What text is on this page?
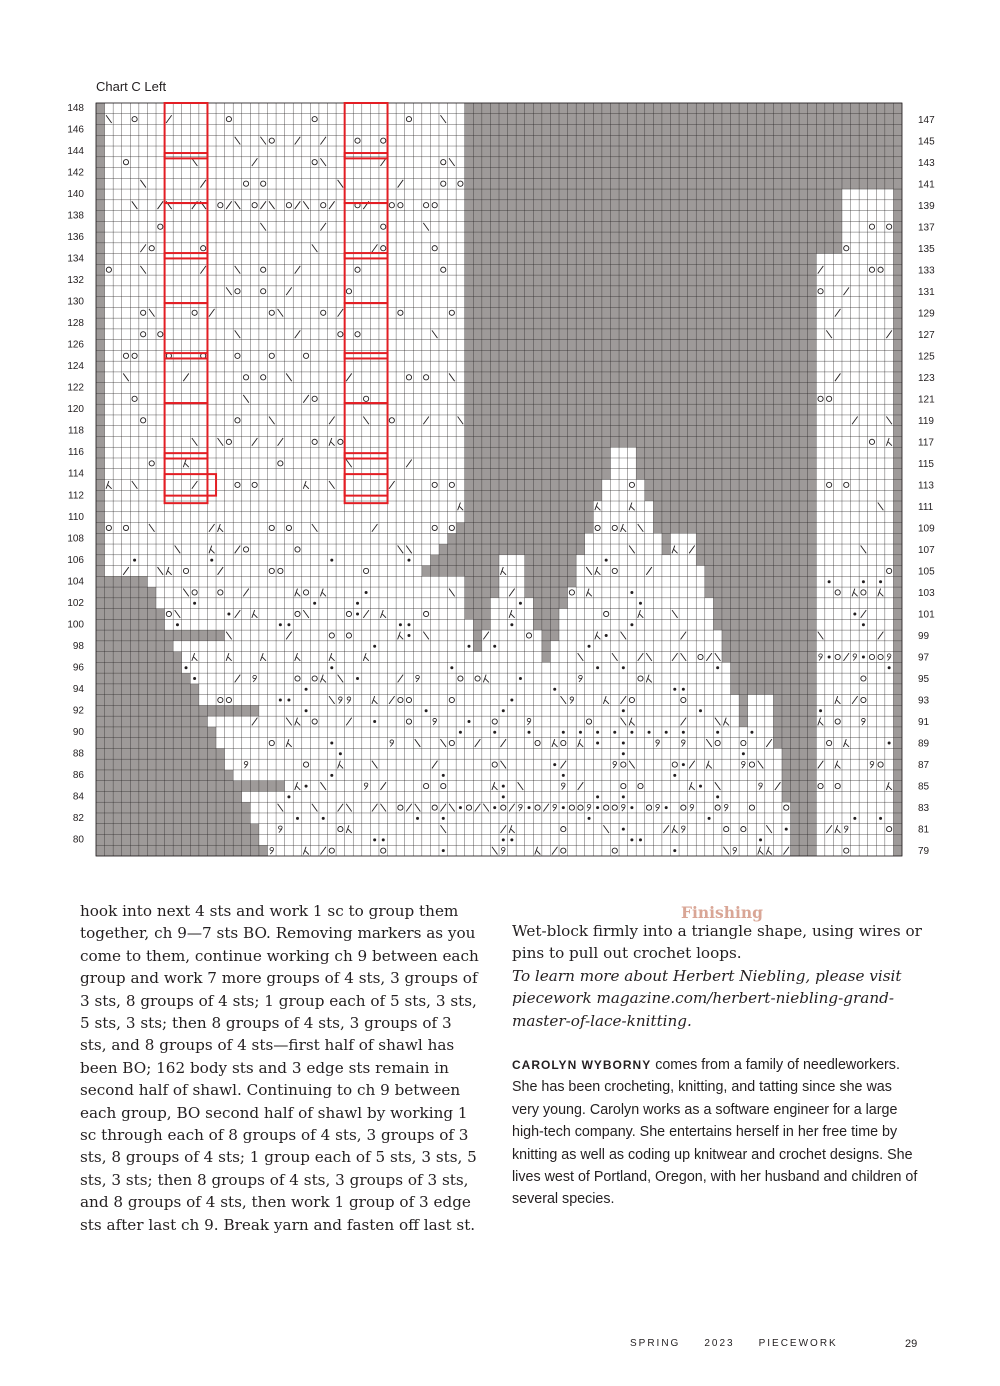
Chart C Left
148
146
144
142
140
138
136
134
132
130
128
126
124
122
120
118
116
114
112
110
108
106
104
102
100
98
96
94
92
90
88
86
84
82
80
147
145
143
141
139
137
135
133
131
129
127
125
123
121
119
117
115
113
111
109
107
105
103
101
99
97
95
93
91
89
87
85
83
81
79

hook into next 4 sts and work 1 sc to group them together, ch 9—7 sts BO. Removing markers as you come to them, continue working ch 9 between each group and work 7 more groups of 4 sts, 3 groups of 3 sts, 8 groups of 4 sts; 1 group each of 5 sts, 3 sts, 5 sts, 3 sts; then 8 groups of 4 sts, 3 groups of 3 sts, and 8 groups of 4 sts—first half of shawl has been BO; 162 body sts and 3 edge sts remain in second half of shawl. Continuing to ch 9 between each group, BO second half of shawl by working 1 sc through each of 8 groups of 4 sts, 3 groups of 3 sts, 8 groups of 4 sts; 1 group each of 5 sts, 3 sts, 5 sts, 3 sts; then 8 groups of 4 sts, 3 groups of 3 sts, and 8 groups of 4 sts, then work 1 group of 3 edge sts after last ch 9. Break yarn and fasten off last st.

Finishing

Wet-block firmly into a triangle shape, using wires or pins to pull out crochet loops.

To learn more about Herbert Niebling, please visit piecework magazine.com/herbert-niebling-grand-master-of-lace-knitting.

CAROLYN WYBORNY comes from a family of needleworkers. She has been crocheting, knitting, and tatting since she was very young. Carolyn works as a software engineer for a large high-tech company. She entertains herself in her free time by knitting as well as coding up knitwear and crochet designs. She lives west of Portland, Oregon, with her husband and children of several species.
SPRING 2023 PIECEWORK	29
